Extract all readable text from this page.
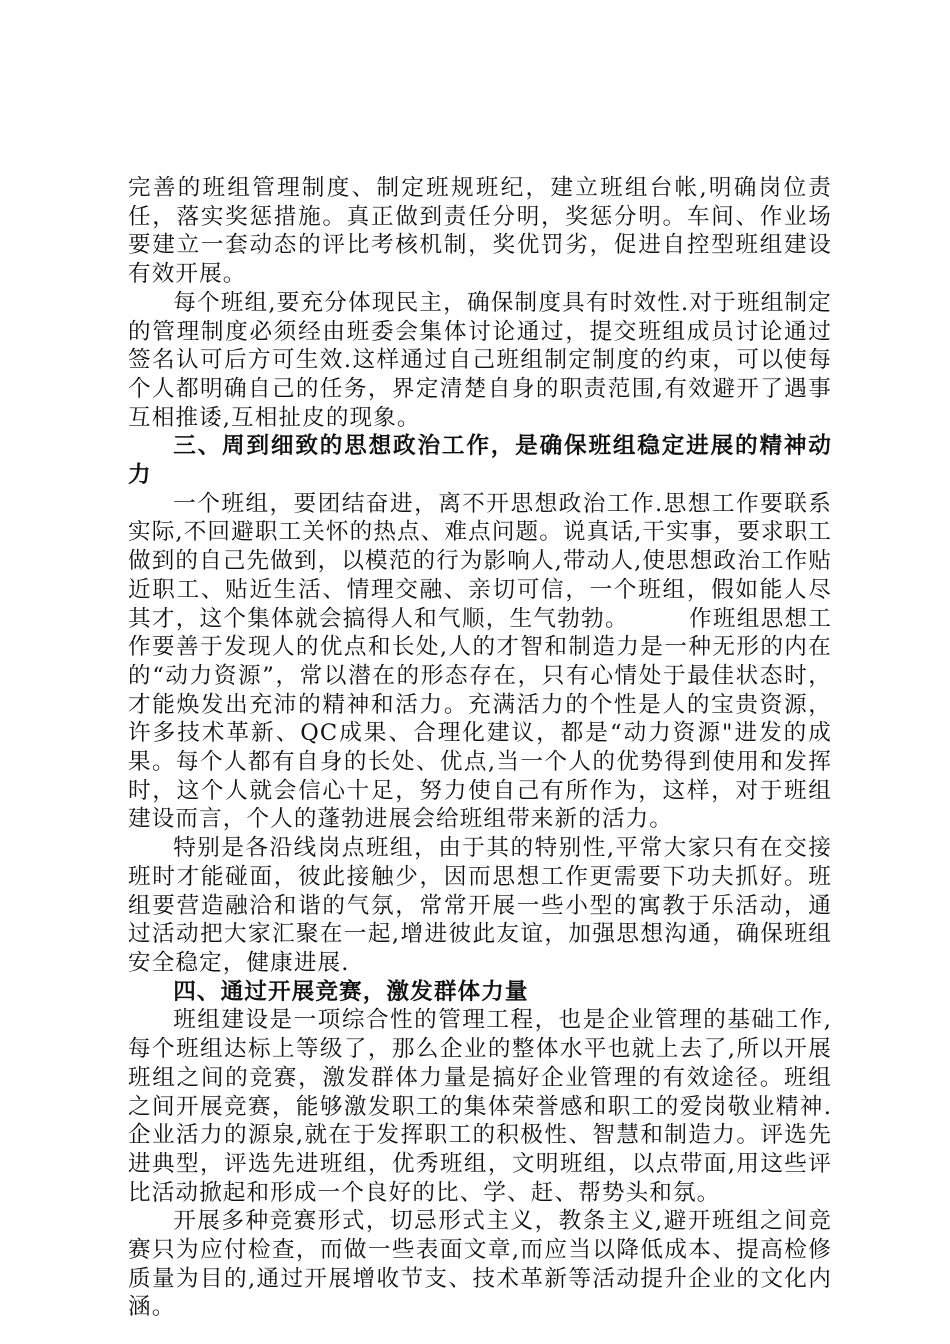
完善的班组管理制度、制定班规班纪，建立班组台帐,明确岗位责任，落实奖惩措施。真正做到责任分明，奖惩分明。车间、作业场要建立一套动态的评比考核机制，奖优罚劣，促进自控型班组建设有效开展。

每个班组,要充分体现民主，确保制度具有时效性.对于班组制定的管理制度必须经由班委会集体讨论通过，提交班组成员讨论通过签名认可后方可生效.这样通过自己班组制定制度的约束，可以使每个人都明确自己的任务，界定清楚自身的职责范围,有效避开了遇事互相推诿,互相扯皮的现象。

三、周到细致的思想政治工作，是确保班组稳定进展的精神动力

一个班组，要团结奋进，离不开思想政治工作.思想工作要联系实际,不回避职工关怀的热点、难点问题。说真话,干实事，要求职工做到的自己先做到，以模范的行为影响人,带动人,使思想政治工作贴近职工、贴近生活、情理交融、亲切可信，一个班组，假如能人尽其才，这个集体就会搞得人和气顺，生气勃勃。　　　作班组思想工作要善于发现人的优点和长处,人的才智和制造力是一种无形的内在的“动力资源”，常以潜在的形态存在，只有心情处于最佳状态时，才能焕发出充沛的精神和活力。充满活力的个性是人的宝贵资源，许多技术革新、QC成果、合理化建议，都是“动力资源"进发的成果。每个人都有自身的长处、优点,当一个人的优势得到使用和发挥时，这个人就会信心十足，努力使自己有所作为，这样，对于班组建设而言，个人的蓬勃进展会给班组带来新的活力。

特别是各沿线岗点班组，由于其的特别性,平常大家只有在交接班时才能碰面，彼此接触少，因而思想工作更需要下功夫抓好。班组要营造融洽和谐的气氛，常常开展一些小型的寓教于乐活动，通过活动把大家汇聚在一起,增进彼此友谊，加强思想沟通，确保班组安全稳定，健康进展.

四、通过开展竞赛，激发群体力量

班组建设是一项综合性的管理工程，也是企业管理的基础工作,每个班组达标上等级了，那么企业的整体水平也就上去了,所以开展班组之间的竞赛，激发群体力量是搞好企业管理的有效途径。班组之间开展竞赛，能够激发职工的集体荣誉感和职工的爱岗敬业精神.企业活力的源泉,就在于发挥职工的积极性、智慧和制造力。评选先进典型，评选先进班组，优秀班组，文明班组，以点带面,用这些评比活动掀起和形成一个良好的比、学、赶、帮势头和氛。

开展多种竞赛形式，切忌形式主义，教条主义,避开班组之间竞赛只为应付检查，而做一些表面文章,而应当以降低成本、提高检修质量为目的,通过开展增收节支、技术革新等活动提升企业的文化内涵。
